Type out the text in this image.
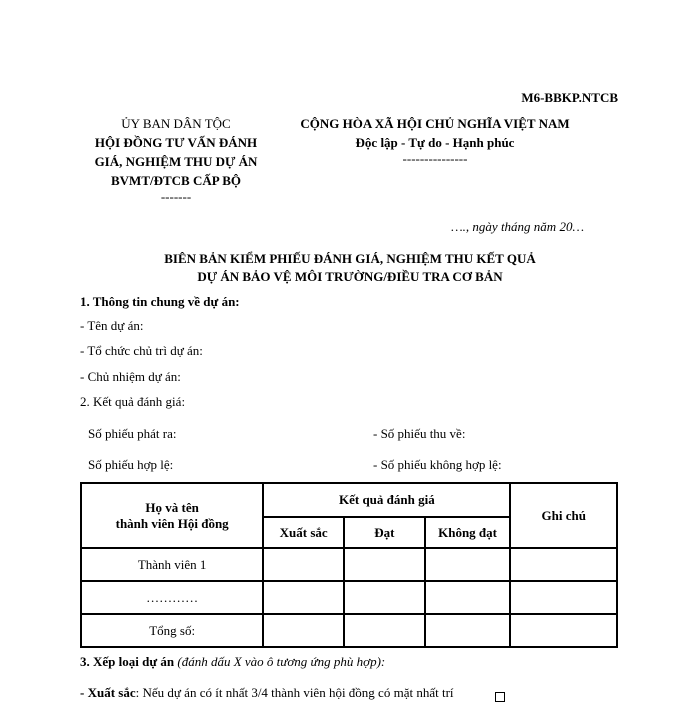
M6-BBKP.NTCB
ỦY BAN DÂN TỘC
HỘI ĐỒNG TƯ VẤN ĐÁNH
GIÁ, NGHIỆM THU DỰ ÁN
BVMT/ĐTCB CẤP BỘ
-------
CỘNG HÒA XÃ HỘI CHỦ NGHĨA VIỆT NAM
Độc lập - Tự do - Hạnh phúc
---------------
…., ngày tháng năm 20…
BIÊN BẢN KIỂM PHIẾU ĐÁNH GIÁ, NGHIỆM THU KẾT QUẢ
DỰ ÁN BẢO VỆ MÔI TRƯỜNG/ĐIỀU TRA CƠ BẢN
1. Thông tin chung về dự án:
- Tên dự án:
- Tổ chức chủ trì dự án:
- Chủ nhiệm dự án:
2. Kết quả đánh giá:
Số phiếu phát ra:	- Số phiếu thu về:
Số phiếu hợp lệ:	- Số phiếu không hợp lệ:
Họ và tên
thành viên Hội đồng	Kết quả đánh giá			Ghi chú
	Xuất sắc	Đạt	Không đạt	
Thành viên 1				
…………				
Tổng số:				
3. Xếp loại dự án (đánh dấu X vào ô tương ứng phù hợp):
- Xuất sắc: Nếu dự án có ít nhất 3/4 thành viên hội đồng có mặt nhất trí
